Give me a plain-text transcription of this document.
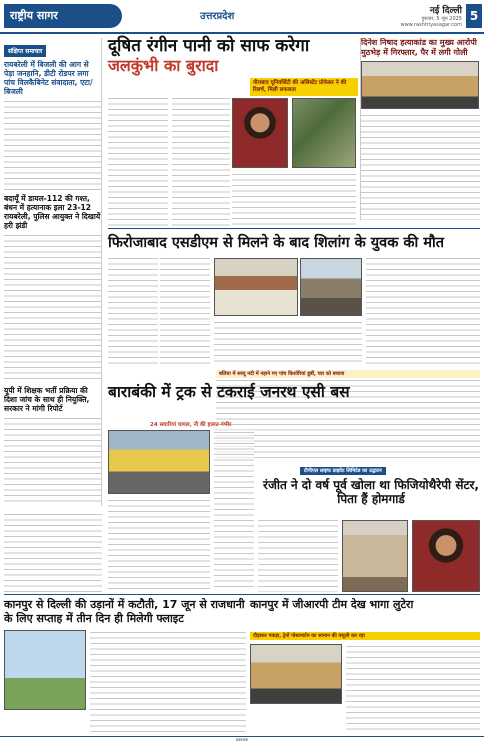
राष्ट्रीय सागर	उत्तरप्रदेश	नई दिल्ली
गुरुवार, 5 जून 2025
www.rashtriyasagar.com
5
संक्षिप्त समाचार
रायबरेली में बिजली की आग से पेड़ा जनहानि, डीटी रोडपर लगा पांच विलकैबिनेट संवादाता, एटा/बिजली
बदायूँ में डायल-112 की गश्त, बंधन में हत्यानाक इला 23-12 रायबरेली, पुलिस आयुक्त ने दिखायें हरी झंडी
यूपी में शिक्षक भर्ती प्रक्रिया की दिशा जांच के साथ ही नियुक्ति, सरकार ने मांगी रिपोर्ट
दूषित रंगीन पानी को साफ करेगा
जलकुंभी का बुरादा
नौराबाद यूनिवर्सिटी की असिस्टेंट प्रोफेसर ने की रिसर्च, मिली सफलता
दिनेश निषाद हत्याकांड का मुख्य आरोपी मुठभेड़ में गिरफ्तार, पैर में लगी गोली
फिरोजाबाद एसडीएम से मिलने के बाद शिलांग के युवक की मौत
बलिया में सरयू नदी में नहाने गए पांच किशोरियां डूबीं, चार को बचाया
बाराबंकी में ट्रक से टकराई जनरथ एसी बस
24 सवारियां घायल, नौ की हालत गंभीर
टीपीएल लाइफ प्राइवेट लिमिटेड का उद्घाटन
रंजीत ने दो वर्ष पूर्व खोला था फिजियोथैरेपी सेंटर, पिता हैं होमगार्ड
कानपुर से दिल्ली की उड़ानों में कटौती, 17 जून से राजधानी के लिए सप्ताह में तीन दिन ही मिलेगी फ्लाइट
कानपुर में जीआरपी टीम देख भागा लुटेरा
दौड़ाकर पकड़ा, ट्रेनों पोस्टमार्टम का सामान की वसूली कर रहा
प्रकाशक
